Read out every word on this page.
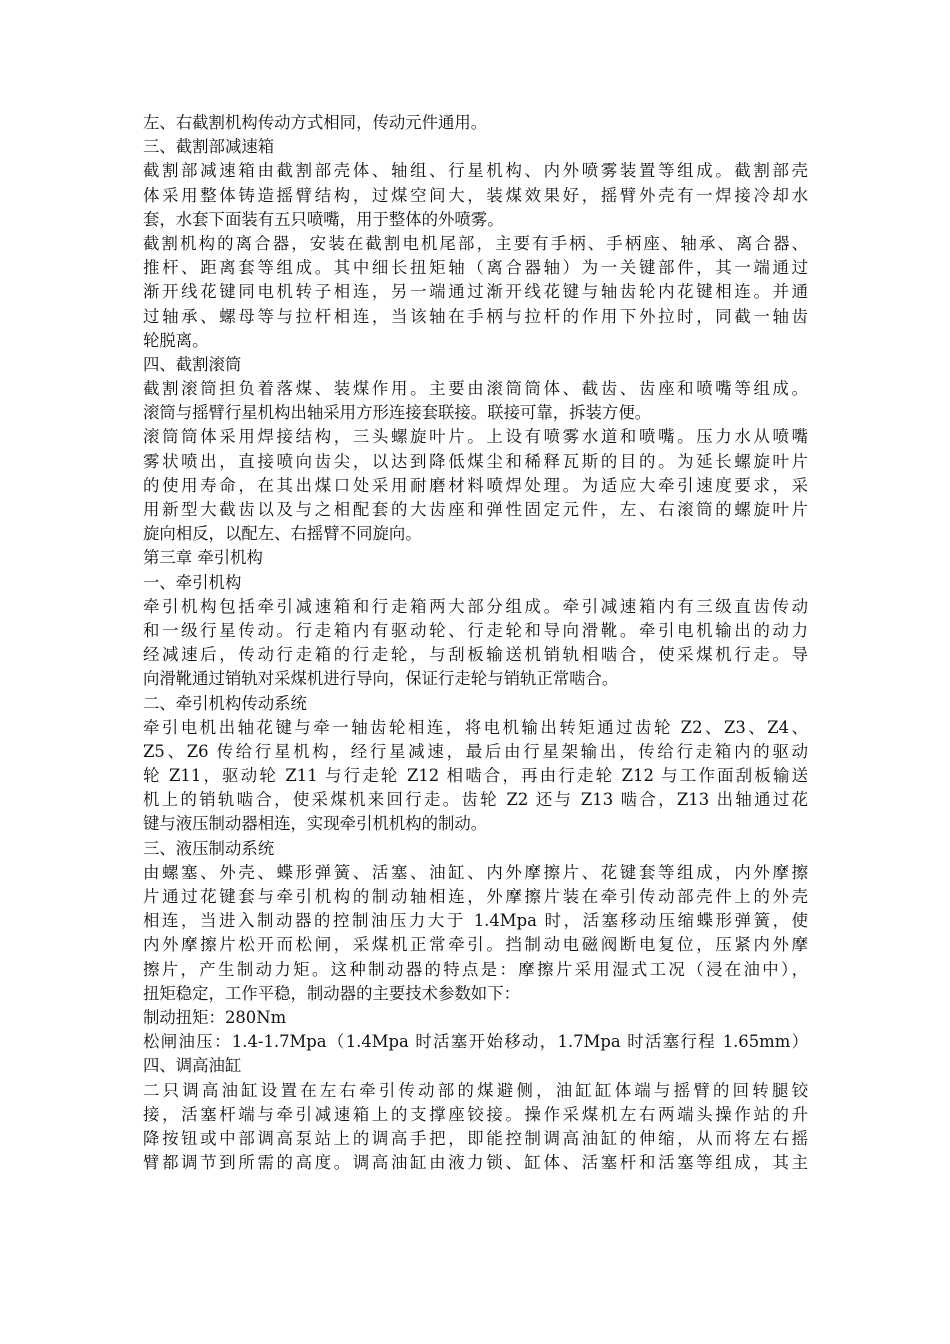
左、右截割机构传动方式相同，传动元件通用。
三、截割部减速箱
截割部减速箱由截割部壳体、轴组、行星机构、内外喷雾装置等组成。截割部壳
体采用整体铸造摇臂结构，过煤空间大，装煤效果好，摇臂外壳有一焊接冷却水
套，水套下面装有五只喷嘴，用于整体的外喷雾。
截割机构的离合器，安装在截割电机尾部，主要有手柄、手柄座、轴承、离合器、
推杆、距离套等组成。其中细长扭矩轴（离合器轴）为一关键部件，其一端通过
渐开线花键同电机转子相连，另一端通过渐开线花键与轴齿轮内花键相连。并通
过轴承、螺母等与拉杆相连，当该轴在手柄与拉杆的作用下外拉时，同截一轴齿
轮脱离。
四、截割滚筒
截割滚筒担负着落煤、装煤作用。主要由滚筒筒体、截齿、齿座和喷嘴等组成。
滚筒与摇臂行星机构出轴采用方形连接套联接。联接可靠，拆装方便。
滚筒筒体采用焊接结构，三头螺旋叶片。上设有喷雾水道和喷嘴。压力水从喷嘴
雾状喷出，直接喷向齿尖，以达到降低煤尘和稀释瓦斯的目的。为延长螺旋叶片
的使用寿命，在其出煤口处采用耐磨材料喷焊处理。为适应大牵引速度要求，采
用新型大截齿以及与之相配套的大齿座和弹性固定元件，左、右滚筒的螺旋叶片
旋向相反，以配左、右摇臂不同旋向。
第三章 牵引机构
一、牵引机构
牵引机构包括牵引减速箱和行走箱两大部分组成。牵引减速箱内有三级直齿传动
和一级行星传动。行走箱内有驱动轮、行走轮和导向滑靴。牵引电机输出的动力
经减速后，传动行走箱的行走轮，与刮板输送机销轨相啮合，使采煤机行走。导
向滑靴通过销轨对采煤机进行导向，保证行走轮与销轨正常啮合。
二、牵引机构传动系统
牵引电机出轴花键与牵一轴齿轮相连，将电机输出转矩通过齿轮 Z2、Z3、Z4、
Z5、Z6 传给行星机构，经行星减速，最后由行星架输出，传给行走箱内的驱动
轮 Z11，驱动轮 Z11 与行走轮 Z12 相啮合，再由行走轮 Z12 与工作面刮板输送
机上的销轨啮合，使采煤机来回行走。齿轮 Z2 还与 Z13 啮合，Z13 出轴通过花
键与液压制动器相连，实现牵引机机构的制动。
三、液压制动系统
由螺塞、外壳、蝶形弹簧、活塞、油缸、内外摩擦片、花键套等组成，内外摩擦
片通过花键套与牵引机构的制动轴相连，外摩擦片装在牵引传动部壳件上的外壳
相连，当进入制动器的控制油压力大于 1.4Mpa 时，活塞移动压缩蝶形弹簧，使
内外摩擦片松开而松闸，采煤机正常牵引。挡制动电磁阀断电复位，压紧内外摩
擦片，产生制动力矩。这种制动器的特点是：摩擦片采用湿式工况（浸在油中），
扭矩稳定，工作平稳，制动器的主要技术参数如下：
制动扭矩：280Nm
松闸油压：1.4-1.7Mpa（1.4Mpa 时活塞开始移动，1.7Mpa 时活塞行程 1.65mm）
四、调高油缸
二只调高油缸设置在左右牵引传动部的煤避侧，油缸缸体端与摇臂的回转腿铰
接，活塞杆端与牵引减速箱上的支撑座铰接。操作采煤机左右两端头操作站的升
降按钮或中部调高泵站上的调高手把，即能控制调高油缸的伸缩，从而将左右摇
臂都调节到所需的高度。调高油缸由液力锁、缸体、活塞杆和活塞等组成，其主
